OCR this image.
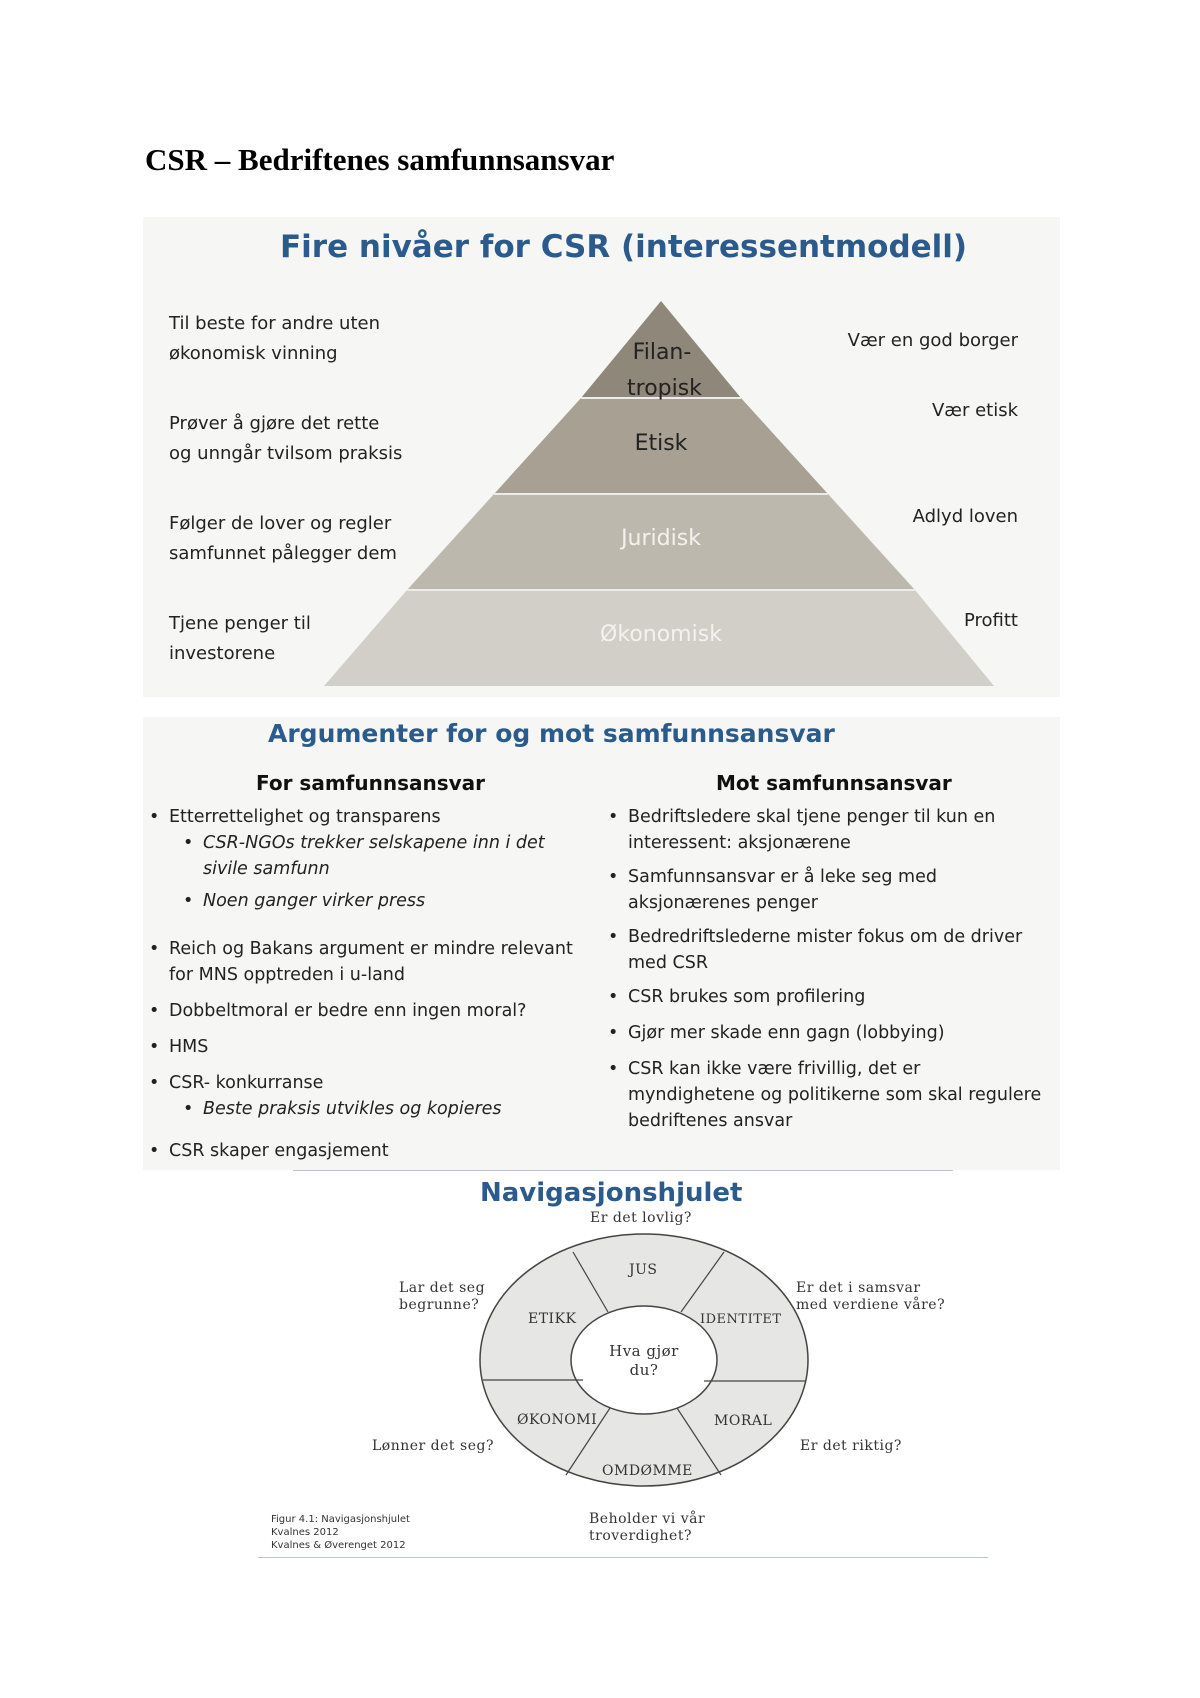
CSR – Bedriftenes samfunnsansvar
Fire nivåer for CSR (interessentmodell)
Filan-
tropisk
Etisk
Juridisk
Økonomisk
Til beste for andre uten
økonomisk vinning
Prøver å gjøre det rette
og unngår tvilsom praksis
Følger de lover og regler
samfunnet pålegger dem
Tjene penger til
investorene
Vær en god borger
Vær etisk
Adlyd loven
Profitt
Argumenter for og mot samfunnsansvar
For samfunnsansvar	Mot samfunnsansvar
• Etterrettelighet og transparens
• CSR-NGOs trekker selskapene inn i det sivile samfunn
• Noen ganger virker press
• Reich og Bakans argument er mindre relevant for MNS opptreden i u-land
• Dobbeltmoral er bedre enn ingen moral?
• HMS
• CSR- konkurranse
• Beste praksis utvikles og kopieres
• CSR skaper engasjement
• Bedriftsledere skal tjene penger til kun en interessent: aksjonærene
• Samfunnsansvar er å leke seg med aksjonærenes penger
• Bedredriftslederne mister fokus om de driver med CSR
• CSR brukes som profilering
• Gjør mer skade enn gagn (lobbying)
• CSR kan ikke være frivillig, det er myndighetene og politikerne som skal regulere bedriftenes ansvar
Navigasjonshjulet
JUS
IDENTITET
MORAL
OMDØMME
ØKONOMI
ETIKK
Hva gjør
du?
Er det lovlig?
Er det i samsvar
med verdiene våre?
Er det riktig?
Beholder vi vår
troverdighet?
Lønner det seg?
Lar det seg
begrunne?
Figur 4.1: Navigasjonshjulet
Kvalnes 2012
Kvalnes & Øverenget 2012
